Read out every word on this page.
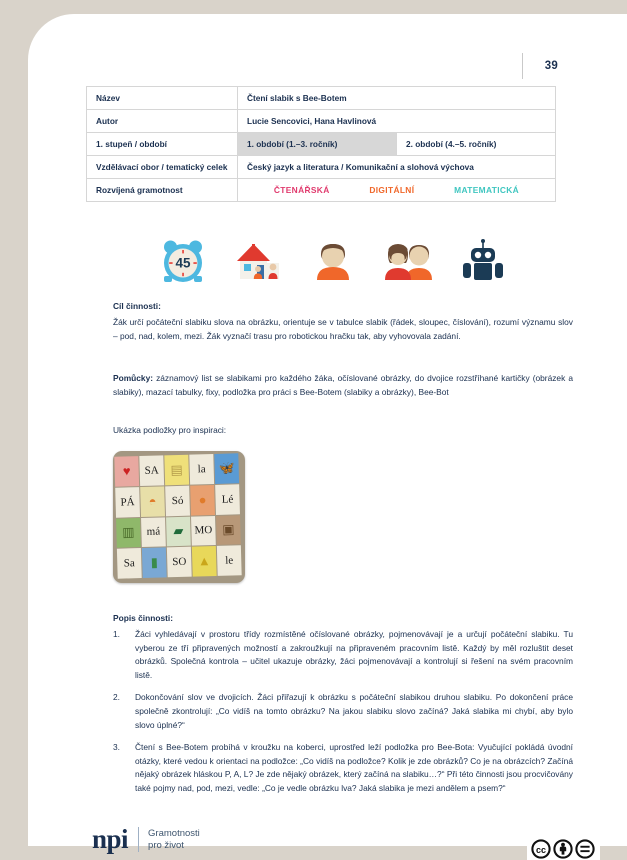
39
Název	Čtení slabik s Bee-Botem	
Autor	Lucie Sencovici, Hana Havlinová	
1. stupeň / období	1. období (1.–3. ročník)	2. období (4.–5. ročník)
Vzdělávací obor / tematický celek	Český jazyk a literatura / Komunikační a slohová výchova	
Rozvíjená gramotnost	ČTENÁŘSKÁ DIGITÁLNÍ MATEMATICKÁ	
45
Cíl činnosti:
Žák určí počáteční slabiku slova na obrázku, orientuje se v tabulce slabik (řádek, sloupec, číslování), rozumí významu slov – pod, nad, kolem, mezi. Žák vyznačí trasu pro robotickou hračku tak, aby vyhovovala zadání.
Pomůcky: záznamový list se slabikami pro každého žáka, očíslované obrázky, do dvojice rozstříhané kartičky (obrázek a slabiky), mazací tabulky, fixy, podložka pro práci s Bee-Botem (slabiky a obrázky), Bee-Bot
Ukázka podložky pro inspiraci:
♥	SA ▤	la 🦋
PÁ	◓	Só	●	Lé
▥	má ▰ MO ▣
Sa	▮	SO ▲	le
Popis činnosti:
1.	Žáci vyhledávají v prostoru třídy rozmístěné očíslované obrázky, pojmenovávají je a určují počáteční slabiku. Tu vyberou ze tří připravených možností a zakroužkují na připraveném pracovním listě. Každý by měl rozluštit deset obrázků. Společná kontrola – učitel ukazuje obrázky, žáci pojmenovávají a kontrolují si řešení na svém pracovním listě.
2.	Dokončování slov ve dvojicích. Žáci přiřazují k obrázku s počáteční slabikou druhou slabiku. Po dokončení práce společně zkontrolují: „Co vidíš na tomto obrázku? Na jakou slabiku slovo začíná? Jaká slabika mi chybí, aby bylo slovo úplné?“
3.	Čtení s Bee-Botem probíhá v kroužku na koberci, uprostřed leží podložka pro Bee-Bota: Vyučující pokládá úvodní otázky, které vedou k orientaci na podložce: „Co vidíš na podložce? Kolik je zde obrázků? Co je na obrázcích? Začíná nějaký obrázek hláskou P, A, L? Je zde nějaký obrázek, který začíná na slabiku…?“ Při této činnosti jsou procvičovány také pojmy nad, pod, mezi, vedle: „Co je vedle obrázku lva? Jaká slabika je mezi andělem a psem?“
npi Gramotnosti
pro život	cc
